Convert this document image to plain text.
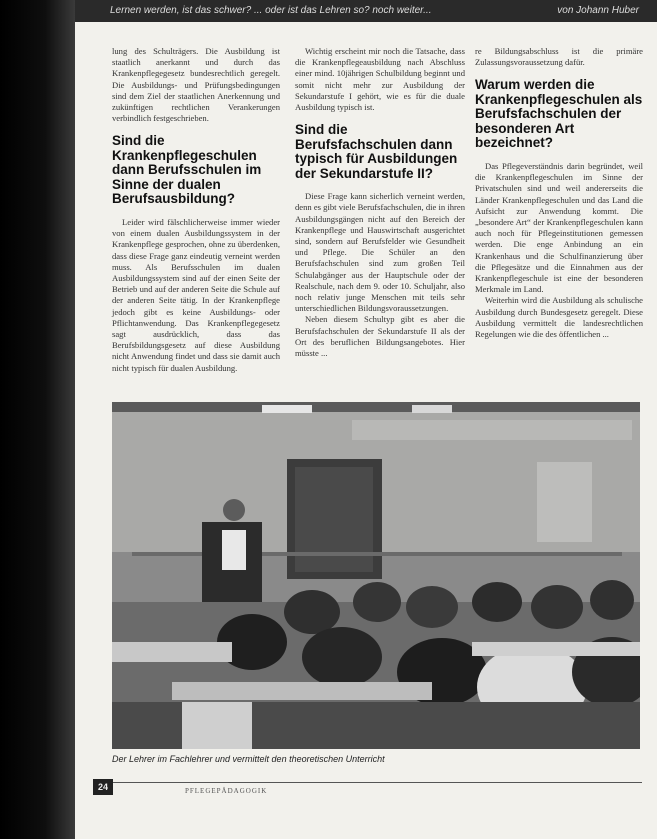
Lernen werden, ist das schwer? ... oder ist das Lehren so? noch weiter...	von Johann Huber

lung des Schulträgers. Die Ausbildung ist staatlich anerkannt und durch das Krankenpflegegesetz bundesrechtlich geregelt. Die Ausbildungs- und Prüfungsbedingungen sind dem Ziel der staatlichen Anerkennung und zukünftigen rechtlichen Verankerungen verbindlich festgeschrieben.

Sind die Krankenpflegeschulen dann Berufsschulen im Sinne der dualen Berufsausbildung?

Leider wird fälschlicherweise immer wieder von einem dualen Ausbildungssystem in der Krankenpflege gesprochen, ohne zu überdenken, dass diese Frage ganz eindeutig verneint werden muss. Als Berufsschulen im dualen Ausbildungssystem sind auf der einen Seite der Betrieb und auf der anderen Seite die Schule auf der anderen Seite tätig. In der Krankenpflege jedoch gibt es keine Ausbildungs- oder Pflichtanwendung. Das Krankenpflegegesetz sagt ausdrücklich, dass das Berufsbildungsgesetz auf diese Ausbildung nicht Anwendung findet und dass sie damit auch nicht typisch für dualen Ausbildung.

Wichtig erscheint mir noch die Tatsache, dass die Krankenpflegeausbildung nach Abschluss einer mind. 10jährigen Schulbildung beginnt und somit nicht mehr zur Ausbildung der Sekundarstufe I gehört, wie es für die duale Ausbildung typisch ist.

Sind die Berufsfachschulen dann typisch für Ausbildungen der Sekundarstufe II?

Diese Frage kann sicherlich verneint werden, denn es gibt viele Berufsfachschulen, die in ihren Ausbildungsgängen nicht auf den Bereich der Krankenpflege und Hauswirtschaft ausgerichtet sind, sondern auf Berufsfelder wie Gesundheit und Pflege. Die Schüler an den Berufsfachschulen sind zum großen Teil Schulabgänger aus der Hauptschule oder der Realschule, nach dem 9. oder 10. Schuljahr, also noch relativ junge Menschen mit teils sehr unterschiedlichen Bildungsvoraussetzungen.

Neben diesem Schultyp gibt es aber die Berufsfachschulen der Sekundarstufe II als der Ort des beruflichen Bildungsangebotes. Hier müsste ...

re Bildungsabschluss ist die primäre Zulassungsvoraussetzung dafür.

Warum werden die Krankenpflegeschulen als Berufsfachschulen der besonderen Art bezeichnet?

Das Pflegeverständnis darin begründet, weil die Krankenpflegeschulen im Sinne der Privatschulen sind und weil andererseits die Länder Krankenpflegeschulen und das Land die Aufsicht zur Anwendung kommt. Die „besondere Art“ der Krankenpflegeschulen kann auch noch für Pflegeinstitutionen gemessen werden. Die enge Anbindung an ein Krankenhaus und die Schulfinanzierung über die Pflegesätze und die Einnahmen aus der Krankenpflegeschule ist eine der besonderen Merkmale im Land.

Weiterhin wird die Ausbildung als schulische Ausbildung durch Bundesgesetz geregelt. Diese Ausbildung vermittelt die landesrechtlichen Regelungen wie die des öffentlichen ...

Der Lehrer im Fachlehrer und vermittelt den theoretischen Unterricht
24	PFLEGEPÄDAGOGIK
